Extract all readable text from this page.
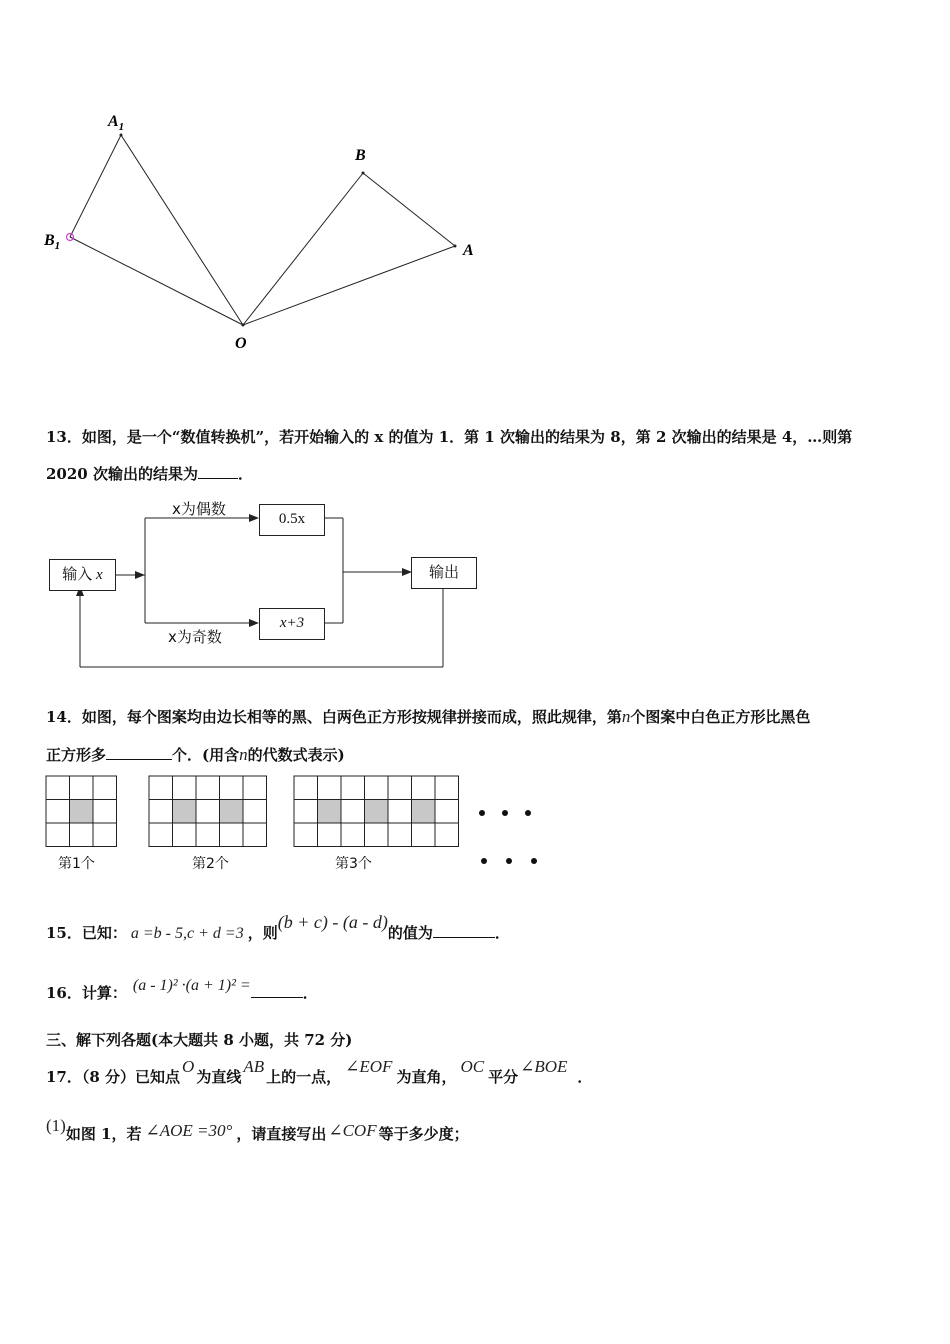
$A_1$
B
$B_1$	A
O
13．如图，是一个“数值转换机”，若开始输入的 x 的值为 1．第 1 次输出的结果为 8，第 2 次输出的结果是 4，…则第
2020 次输出的结果为	．
输入 x
0.5x
x+3
输出
x为偶数
x为奇数
14．如图，每个图案均由边长相等的黑、白两色正方形按规律拼接而成，照此规律，第n个图案中白色正方形比黑色
正方形多	个．(用含n的代数式表示)
第1个	第2个	第3个
15．已知： a =b - 5,c + d =3 ，则(b + c) - (a - d)的值为	．
16．计算： (a - 1)² ·(a + 1)² =	．
三、解下列各题(本大题共 8 小题，共 72 分)
17．（8 分）已知点O为直线AB上的一点，∠EOF为直角，OC平分∠BOE．
(1)如图 1，若 ∠AOE =30° ，请直接写出 ∠COF 等于多少度；
